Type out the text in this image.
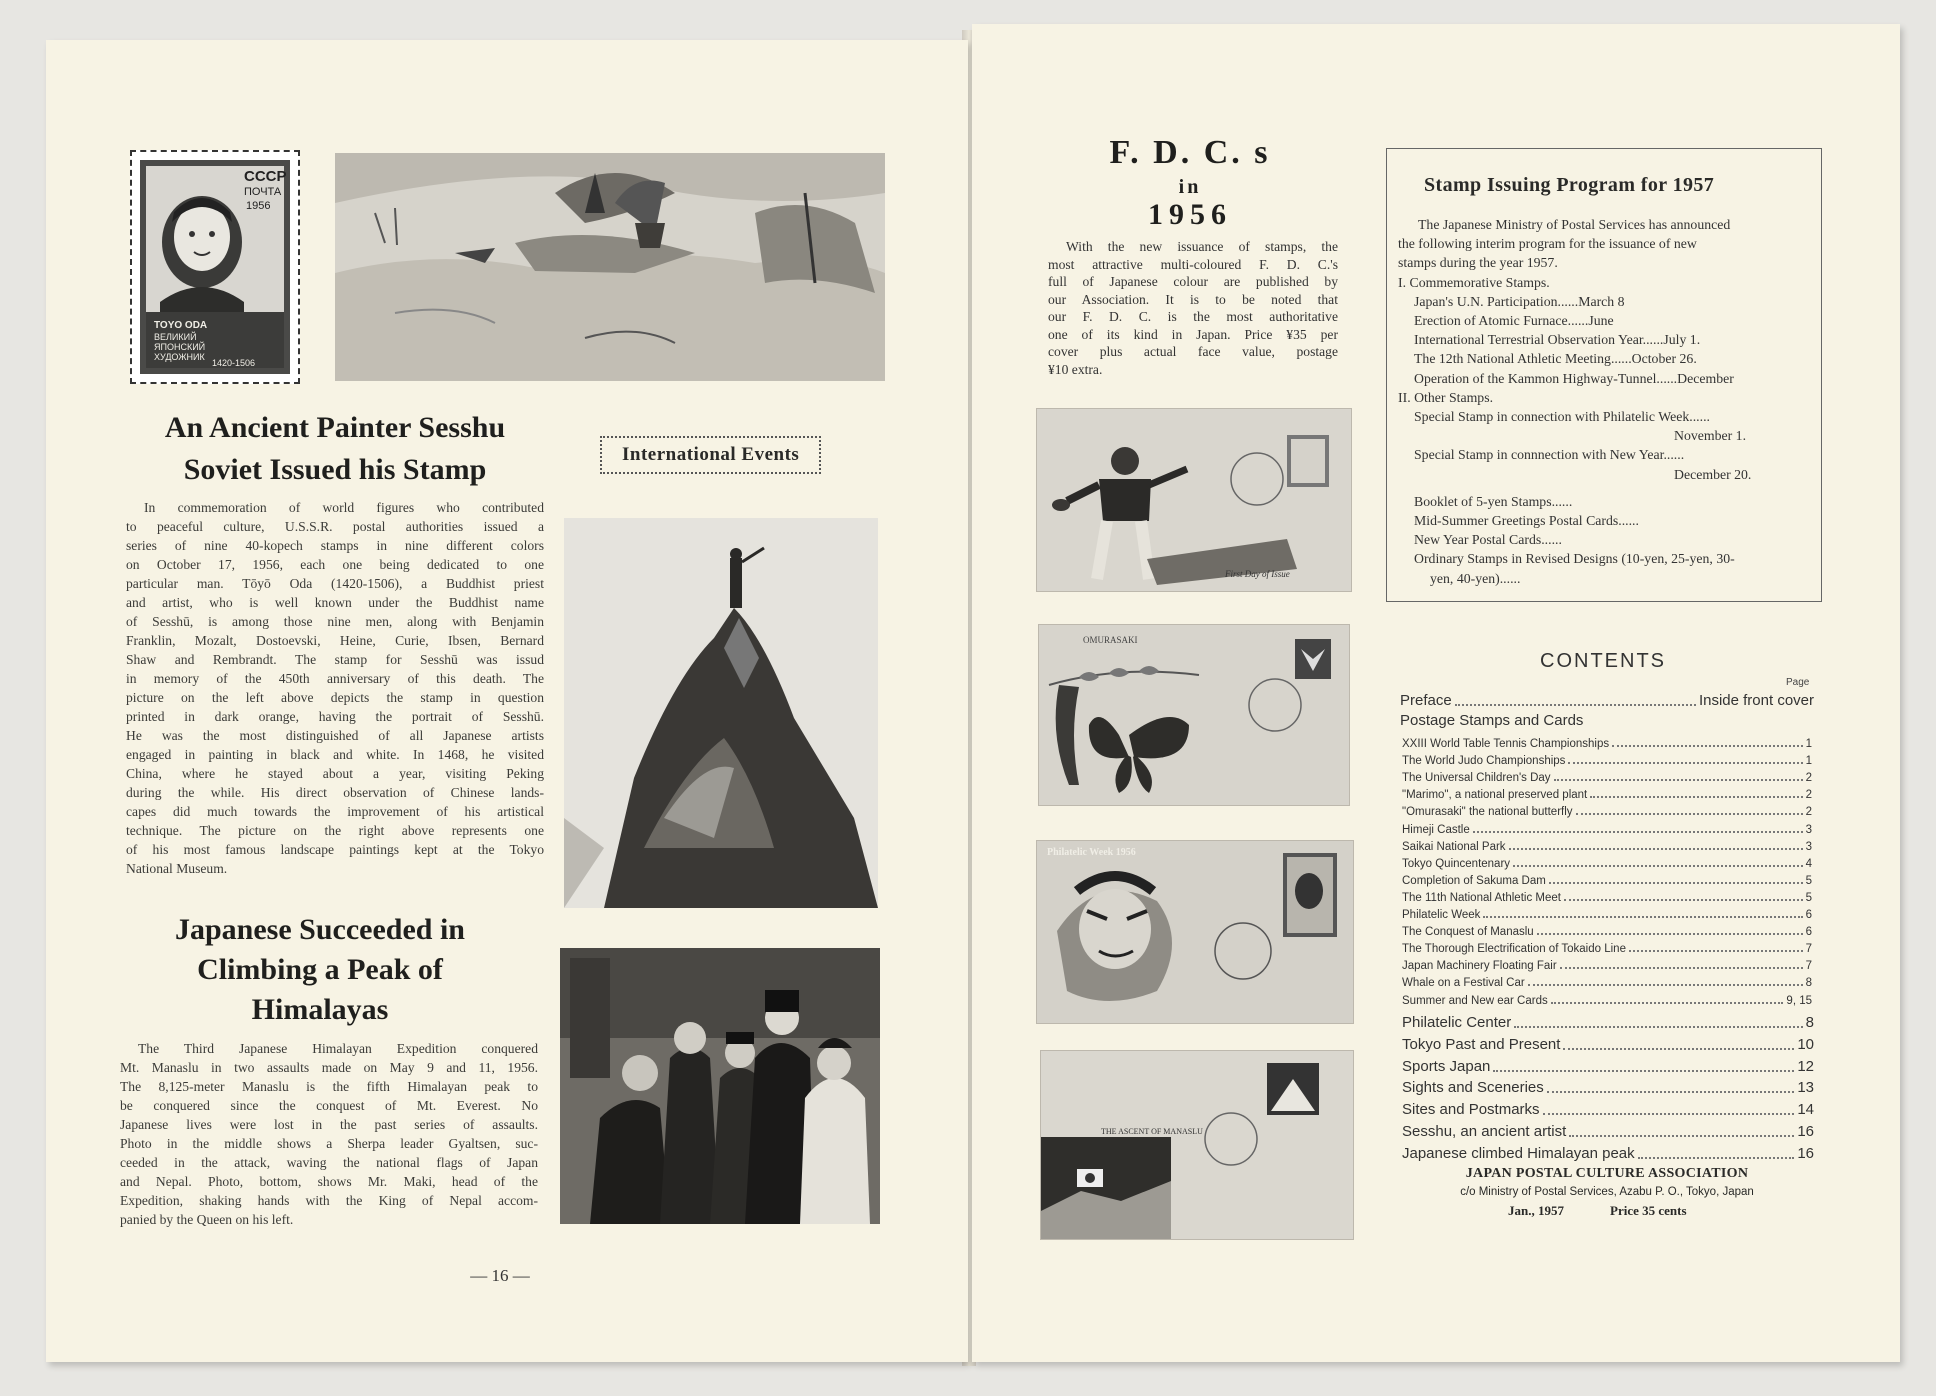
СССР
ПОЧТА
1956
TOYO ODA
ВЕЛИКИЙ
ЯПОНСКИЙ
ХУДОЖНИК
1420-1506
An Ancient Painter Sesshu
Soviet Issued his Stamp
In commemoration of world figures who contributed
to peaceful culture, U.S.S.R. postal authorities issued a
series of nine 40-kopech stamps in nine different colors
on October 17, 1956, each one being dedicated to one
particular man. Tōyō Oda (1420-1506), a Buddhist priest
and artist, who is well known under the Buddhist name
of Sesshū, is among those nine men, along with Benjamin
Franklin, Mozalt, Dostoevski, Heine, Curie, Ibsen, Bernard
Shaw and Rembrandt. The stamp for Sesshū was issud
in memory of the 450th anniversary of this death. The
picture on the left above depicts the stamp in question
printed in dark orange, having the portrait of Sesshū.
He was the most distinguished of all Japanese artists
engaged in painting in black and white. In 1468, he visited
China, where he stayed about a year, visiting Peking
during the while. His direct observation of Chinese lands-
capes did much towards the improvement of his artistical
technique. The picture on the right above represents one
of his most famous landscape paintings kept at the Tokyo
National Museum.
International Events
Japanese Succeeded in
Climbing a Peak of
Himalayas
The Third Japanese Himalayan Expedition conquered
Mt. Manaslu in two assaults made on May 9 and 11, 1956.
The 8,125-meter Manaslu is the fifth Himalayan peak to
be conquered since the conquest of Mt. Everest. No
Japanese lives were lost in the past series of assaults.
Photo in the middle shows a Sherpa leader Gyaltsen, suc-
ceeded in the attack, waving the national flags of Japan
and Nepal. Photo, bottom, shows Mr. Maki, head of the
Expedition, shaking hands with the King of Nepal accom-
panied by the Queen on his left.
— 16 —
F. D. C. s
in
1956
With the new issuance of stamps, the
most attractive multi-coloured F. D. C.'s
full of Japanese colour are published by
our Association. It is to be noted that
our F. D. C. is the most authoritative
one of its kind in Japan. Price ¥35 per
cover plus actual face value, postage
¥10 extra.
First Day of Issue
OMURASAKI
Philatelic Week 1956
THE ASCENT OF MANASLU
Stamp Issuing Program for 1957
The Japanese Ministry of Postal Services has announced
the following interim program for the issuance of new
stamps during the year 1957.
I. Commemorative Stamps.
Japan's U.N. Participation......March 8
Erection of Atomic Furnace......June
International Terrestrial Observation Year......July 1.
The 12th National Athletic Meeting......October 26.
Operation of the Kammon Highway-Tunnel......December
II. Other Stamps.
Special Stamp in connection with Philatelic Week......
November 1.
Special Stamp in connnection with New Year......
December 20.
Booklet of 5-yen Stamps......
Mid-Summer Greetings Postal Cards......
New Year Postal Cards......
Ordinary Stamps in Revised Designs (10-yen, 25-yen, 30-
yen, 40-yen)......
CONTENTS
Page
Preface	Inside front cover
Postage Stamps and Cards
XXIII World Table Tennis Championships	1
The World Judo Championships	1
The Universal Children's Day	2
"Marimo", a national preserved plant	2
"Omurasaki" the national butterfly	2
Himeji Castle	3
Saikai National Park	3
Tokyo Quincentenary	4
Completion of Sakuma Dam	5
The 11th National Athletic Meet	5
Philatelic Week	6
The Conquest of Manaslu	6
The Thorough Electrification of Tokaido Line	7
Japan Machinery Floating Fair	7
Whale on a Festival Car	8
Summer and New ear Cards	9, 15
Philatelic Center	8
Tokyo Past and Present	10
Sports Japan	12
Sights and Sceneries	13
Sites and Postmarks	14
Sesshu, an ancient artist	16
Japanese climbed Himalayan peak	16
JAPAN POSTAL CULTURE ASSOCIATION
c/o Ministry of Postal Services, Azabu P. O., Tokyo, Japan
Jan., 1957	Price 35 cents
